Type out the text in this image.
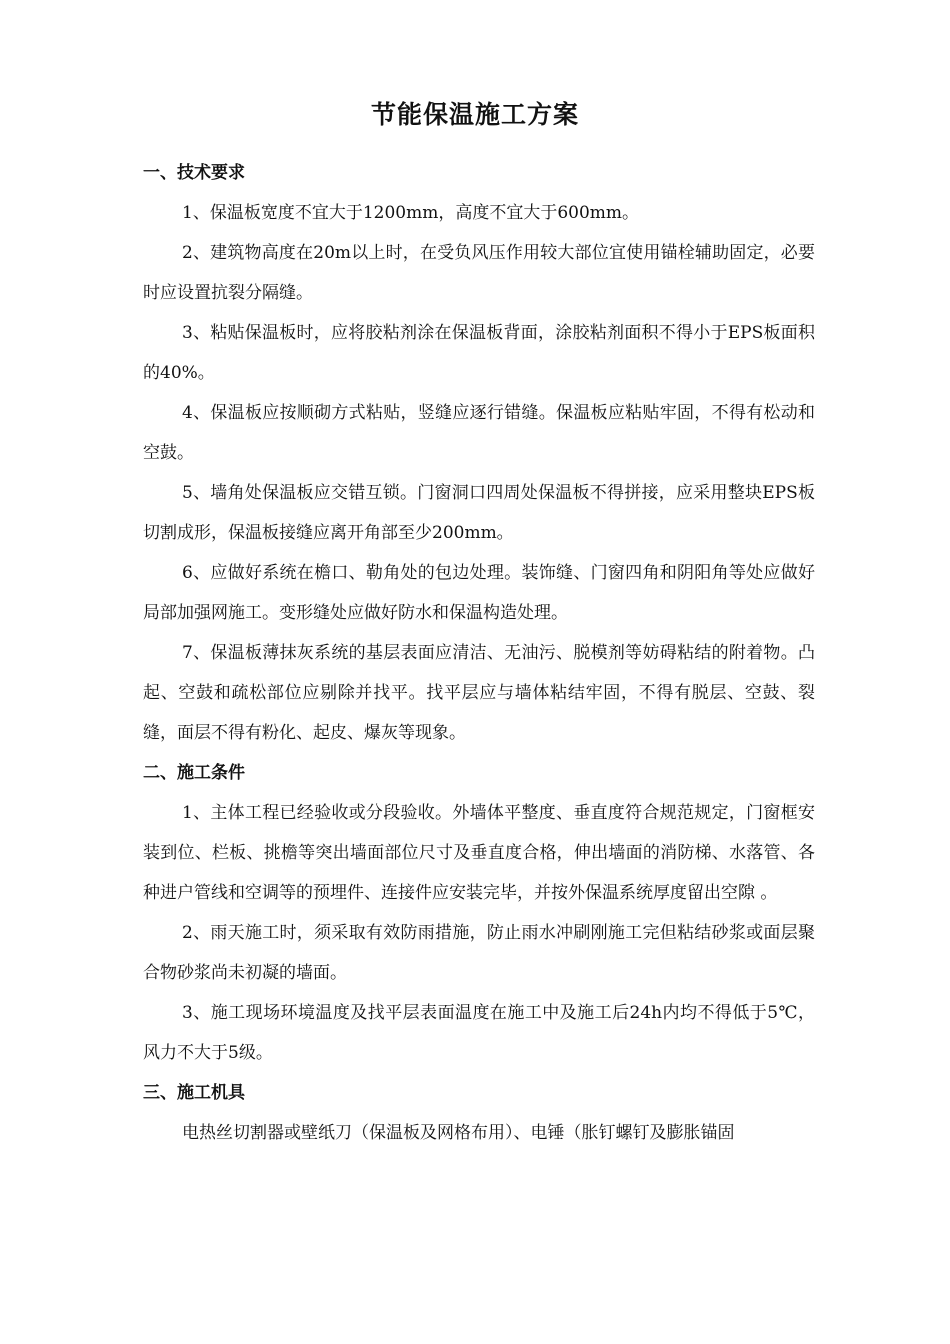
节能保温施工方案
一、技术要求

1、保温板宽度不宜大于1200mm，高度不宜大于600mm。

2、建筑物高度在20m以上时，在受负风压作用较大部位宜使用锚栓辅助固定，必要时应设置抗裂分隔缝。

3、粘贴保温板时，应将胶粘剂涂在保温板背面，涂胶粘剂面积不得小于EPS板面积的40%。

4、保温板应按顺砌方式粘贴，竖缝应逐行错缝。保温板应粘贴牢固，不得有松动和空鼓。

5、墙角处保温板应交错互锁。门窗洞口四周处保温板不得拼接，应采用整块EPS板切割成形，保温板接缝应离开角部至少200mm。

6、应做好系统在檐口、勒角处的包边处理。装饰缝、门窗四角和阴阳角等处应做好局部加强网施工。变形缝处应做好防水和保温构造处理。

7、保温板薄抹灰系统的基层表面应清洁、无油污、脱模剂等妨碍粘结的附着物。凸起、空鼓和疏松部位应剔除并找平。找平层应与墙体粘结牢固，不得有脱层、空鼓、裂缝，面层不得有粉化、起皮、爆灰等现象。

二、施工条件

1、主体工程已经验收或分段验收。外墙体平整度、垂直度符合规范规定，门窗框安装到位、栏板、挑檐等突出墙面部位尺寸及垂直度合格，伸出墙面的消防梯、水落管、各种进户管线和空调等的预埋件、连接件应安装完毕，并按外保温系统厚度留出空隙 。

2、雨天施工时，须采取有效防雨措施，防止雨水冲刷刚施工完但粘结砂浆或面层聚合物砂浆尚未初凝的墙面。

3、施工现场环境温度及找平层表面温度在施工中及施工后24h内均不得低于5℃，风力不大于5级。

三、施工机具

电热丝切割器或壁纸刀（保温板及网格布用）、电锤（胀钉螺钉及膨胀锚固
